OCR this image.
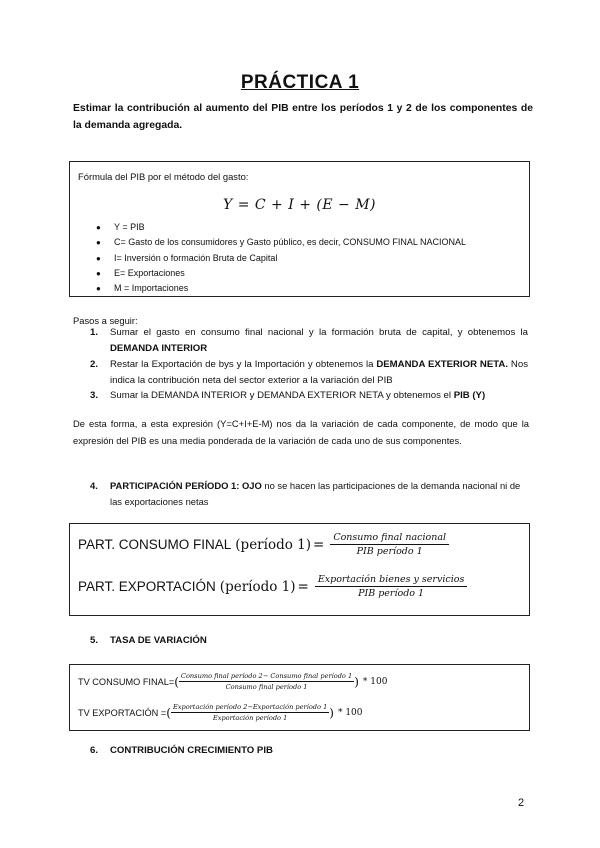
PRÁCTICA 1
Estimar la contribución al aumento del PIB entre los períodos 1 y 2 de los componentes de la demanda agregada.
Fórmula del PIB por el método del gasto:
Y = C + I + (E − M)
● Y = PIB
● C= Gasto de los consumidores y Gasto público, es decir, CONSUMO FINAL NACIONAL
● I= Inversión o formación Bruta de Capital
● E= Exportaciones
● M = Importaciones
Pasos a seguir:
1. Sumar el gasto en consumo final nacional y la formación bruta de capital, y obtenemos la DEMANDA INTERIOR
2. Restar la Exportación de bys y la Importación y obtenemos la DEMANDA EXTERIOR NETA. Nos indica la contribución neta del sector exterior a la variación del PIB
3. Sumar la DEMANDA INTERIOR y DEMANDA EXTERIOR NETA y obtenemos el PIB (Y)
De esta forma, a esta expresión (Y=C+I+E-M) nos da la variación de cada componente, de modo que la expresión del PIB es una media ponderada de la variación de cada uno de sus componentes.
4. PARTICIPACIÓN PERÍODO 1: OJO no se hacen las participaciones de la demanda nacional ni de las exportaciones netas
PART. CONSUMO FINAL (período $1) = \frac{\text{Consumo final nacional}}{\text{PIB período 1}}$
PART. EXPORTACIÓN (período $1) = \frac{\text{Exportación bienes y servicios}}{\text{PIB período 1}}$
5. TASA DE VARIACIÓN
TV CONSUMO FINAL= ( $\frac{\text{Consumo final período 2− Consumo final período 1}}{\text{Consumo final período 1}}$ ) * 100
TV EXPORTACIÓN = ( $\frac{\text{Exportación período 2−Exportación período 1}}{\text{Exportación período 1}}$ ) * 100
6. CONTRIBUCIÓN CRECIMIENTO PIB
2
